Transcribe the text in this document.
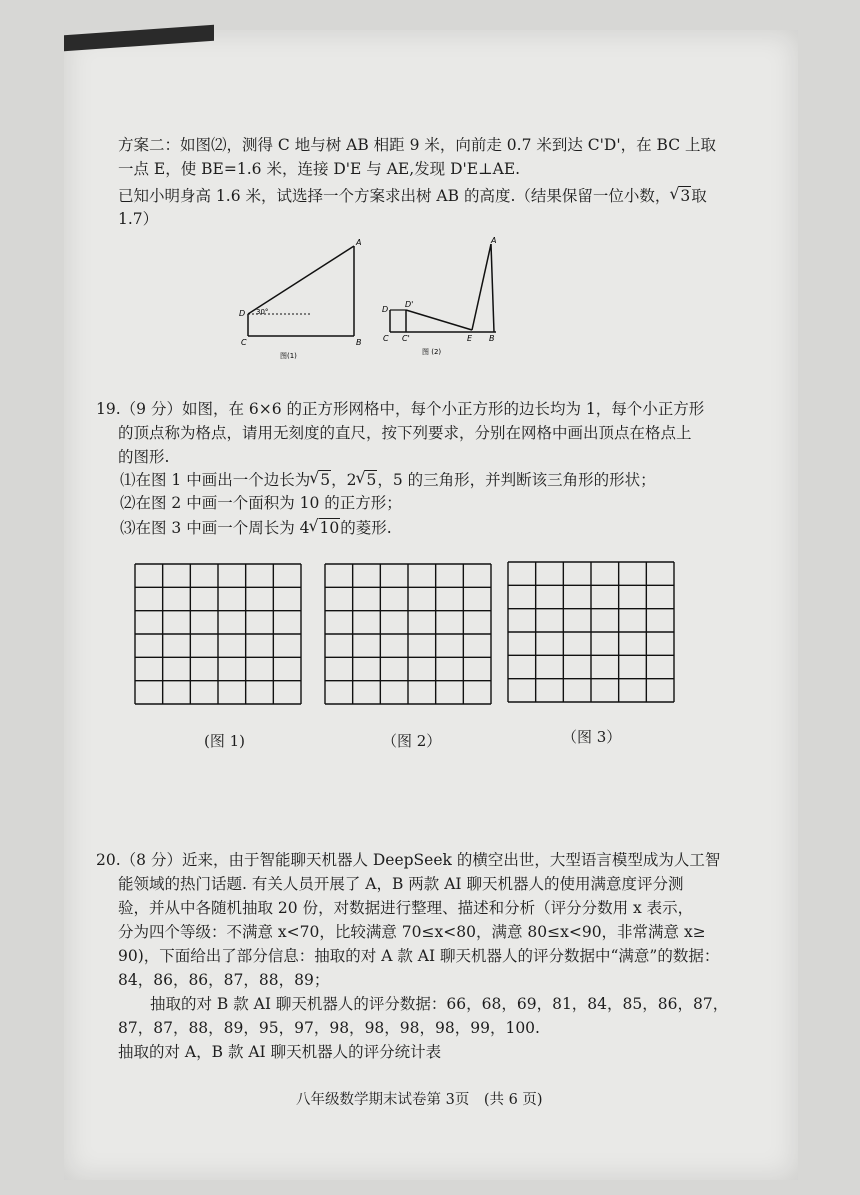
方案二：如图⑵，测得 C 地与树 AB 相距 9 米，向前走 0.7 米到达 C'D'，在 BC 上取
一点 E，使 BE=1.6 米，连接 D'E 与 AE,发现 D'E⊥AE.
已知小明身高 1.6 米，试选择一个方案求出树 AB 的高度.（结果保留一位小数， √ 3取
1.7）
A
D 30°
C	B
图(1)
A
D
D'
C C'	E B
图 (2)
19.（9 分）如图，在 6×6 的正方形网格中，每个小正方形的边长均为 1，每个小正方形
的顶点称为格点，请用无刻度的直尺，按下列要求，分别在网格中画出顶点在格点上
的图形.
⑴在图 1 中画出一个边长为 √ 5，2 √ 5，5 的三角形，并判断该三角形的形状；
⑵在图 2 中画一个面积为 10 的正方形；
⑶在图 3 中画一个周长为 4 √ 10的菱形.
(图 1)	（图 2）	（图 3）
20.（8 分）近来，由于智能聊天机器人 DeepSeek 的横空出世，大型语言模型成为人工智
能领域的热门话题. 有关人员开展了 A，B 两款 AI 聊天机器人的使用满意度评分测
验，并从中各随机抽取 20 份，对数据进行整理、描述和分析（评分分数用 x 表示，
分为四个等级：不满意 x<70，比较满意 70≤x<80，满意 80≤x<90，非常满意 x≥
90)，下面给出了部分信息：抽取的对 A 款 AI 聊天机器人的评分数据中“满意”的数据：
84，86，86，87，88，89；
抽取的对 B 款 AI 聊天机器人的评分数据：66，68，69，81，84，85，86，87，
87，87，88，89，95，97，98，98，98，98，99，100.
抽取的对 A，B 款 AI 聊天机器人的评分统计表
八年级数学期末试卷第 3页　(共 6 页)
